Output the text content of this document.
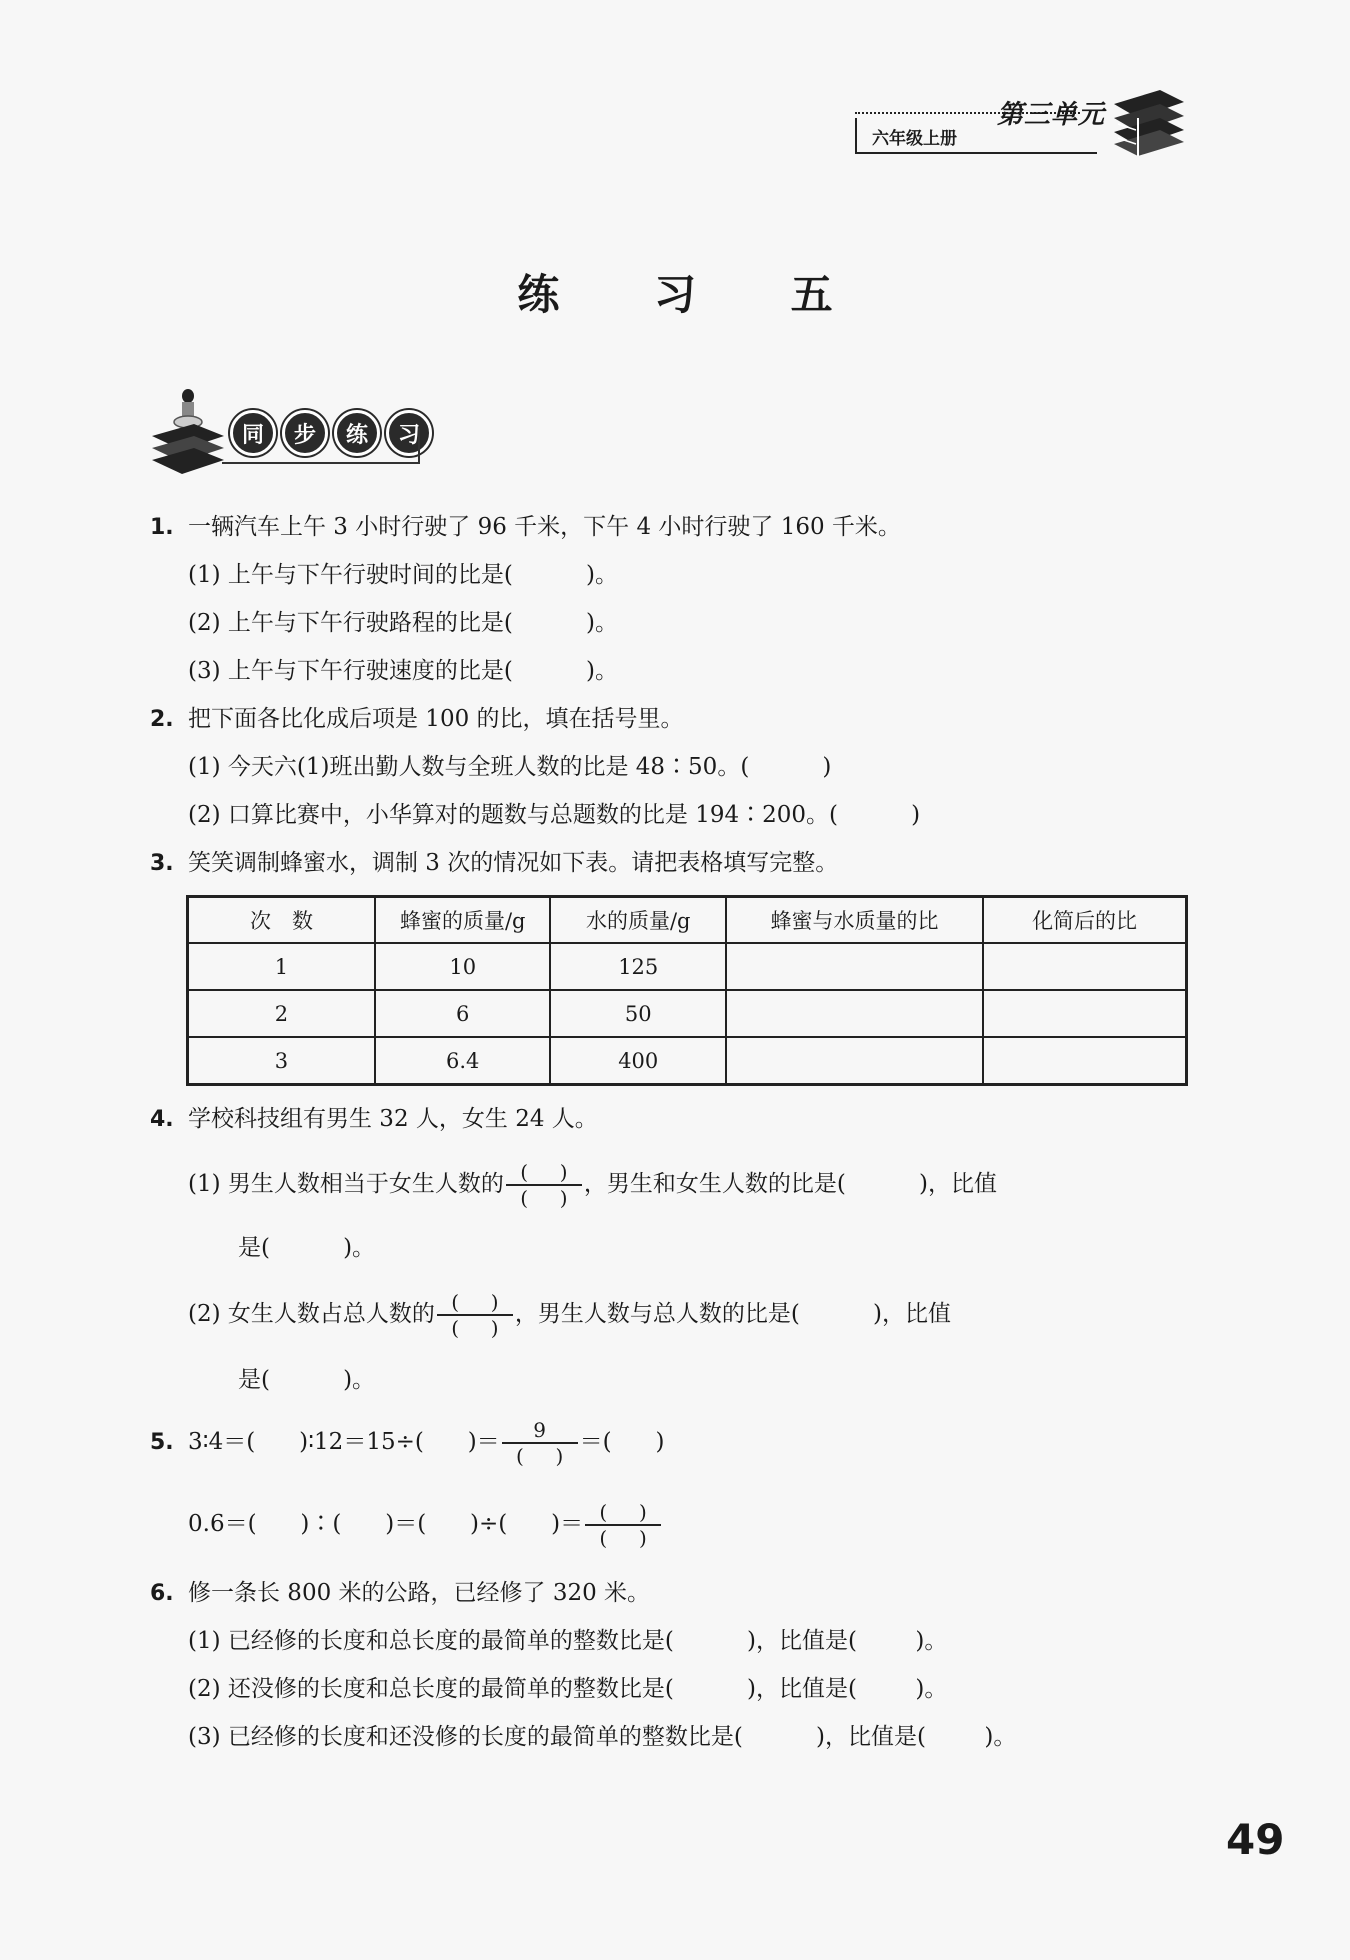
六年级上册
第三单元
练 习 五
同	步	练	习
1. 一辆汽车上午 3 小时行驶了 96 千米，下午 4 小时行驶了 160 千米。
(1) 上午与下午行驶时间的比是(          )。
(2) 上午与下午行驶路程的比是(          )。
(3) 上午与下午行驶速度的比是(          )。
2. 把下面各比化成后项是 100 的比，填在括号里。
(1) 今天六(1)班出勤人数与全班人数的比是 48∶50。(          )
(2) 口算比赛中，小华算对的题数与总题数的比是 194∶200。(          )
3. 笑笑调制蜂蜜水，调制 3 次的情况如下表。请把表格填写完整。
次　数	蜂蜜的质量/g	水的质量/g	蜂蜜与水质量的比	化简后的比
1	10	125		
2	6	50		
3	6.4	400		
4. 学校科技组有男生 32 人，女生 24 人。
(1) 男生人数相当于女生人数的 $\frac{( )}{( )}$ ，男生和女生人数的比是(          )，比值
是(          )。
(2) 女生人数占总人数的 $\frac{( )}{( )}$ ，男生人数与总人数的比是(          )，比值
是(          )。
5. 3∶4＝(      )∶12＝15÷(      )＝ $\frac{9}{( )}$ ＝(      )
0.6＝(      )∶(      )＝(      )÷(      )＝ $\frac{( )}{( )}$
6. 修一条长 800 米的公路，已经修了 320 米。
(1) 已经修的长度和总长度的最简单的整数比是(          )，比值是(        )。
(2) 还没修的长度和总长度的最简单的整数比是(          )，比值是(        )。
(3) 已经修的长度和还没修的长度的最简单的整数比是(          )，比值是(        )。
49
